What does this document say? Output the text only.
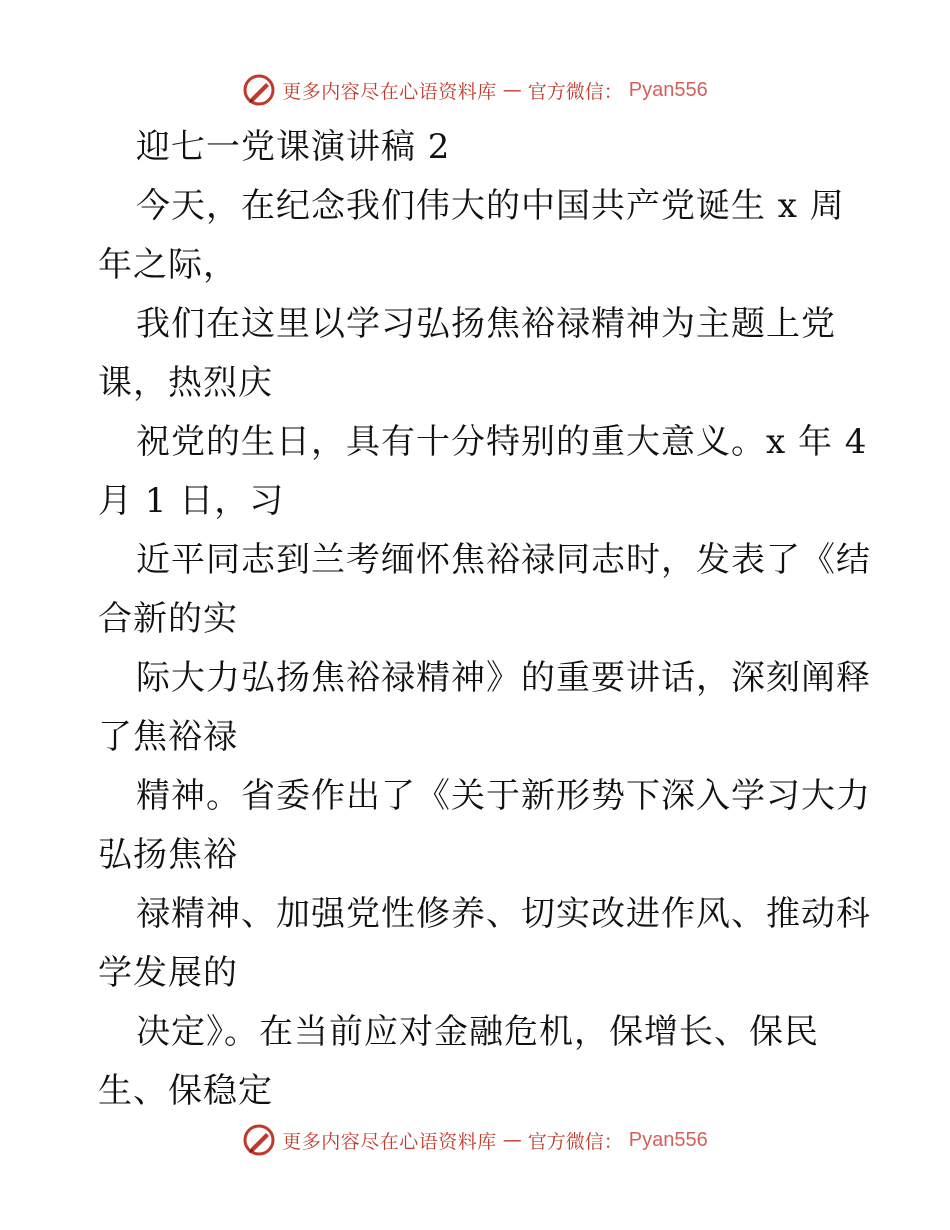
更多内容尽在心语资料库 — 官方微信： Pyan556
迎七一党课演讲稿 2
今天，在纪念我们伟大的中国共产党诞生 x 周
年之际，
我们在这里以学习弘扬焦裕禄精神为主题上党
课，热烈庆
祝党的生日，具有十分特别的重大意义。x 年 4
月 1 日，习
近平同志到兰考缅怀焦裕禄同志时，发表了《结
合新的实
际大力弘扬焦裕禄精神》的重要讲话，深刻阐释
了焦裕禄
精神。省委作出了《关于新形势下深入学习大力
弘扬焦裕
禄精神、加强党性修养、切实改进作风、推动科
学发展的
决定》。在当前应对金融危机，保增长、保民
生、保稳定
更多内容尽在心语资料库 — 官方微信： Pyan556
